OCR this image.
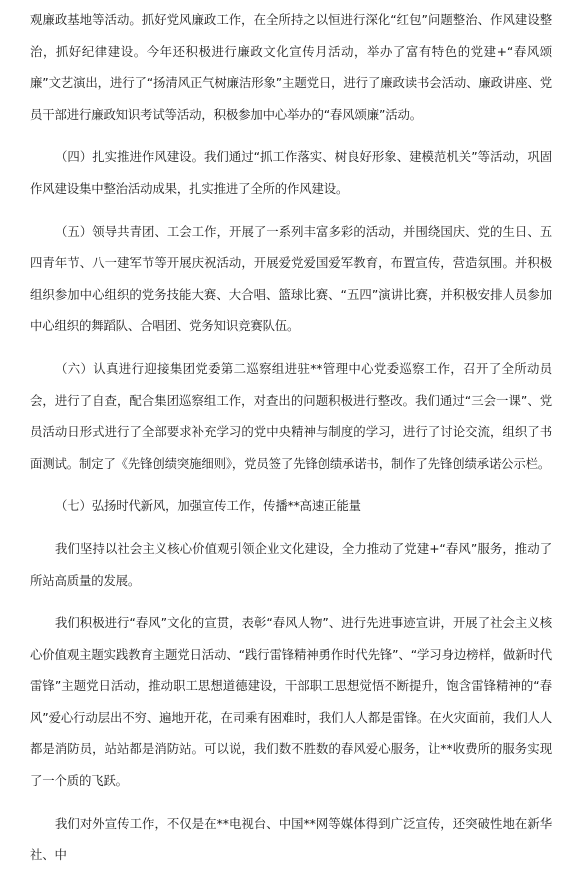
观廉政基地等活动。抓好党风廉政工作，在全所持之以恒进行深化“红包”问题整治、作风建设整治，抓好纪律建设。今年还积极进行廉政文化宣传月活动，举办了富有特色的党建+“春风颂廉”文艺演出，进行了“扬清风正气树廉洁形象”主题党日，进行了廉政读书会活动、廉政讲座、党员干部进行廉政知识考试等活动，积极参加中心举办的“春风颂廉”活动。

（四）扎实推进作风建设。我们通过“抓工作落实、树良好形象、建模范机关”等活动，巩固作风建设集中整治活动成果，扎实推进了全所的作风建设。

（五）领导共青团、工会工作，开展了一系列丰富多彩的活动，并围绕国庆、党的生日、五四青年节、八一建军节等开展庆祝活动，开展爱党爱国爱军教育，布置宣传，营造氛围。并积极组织参加中心组织的党务技能大赛、大合唱、篮球比赛、“五四”演讲比赛，并积极安排人员参加中心组织的舞蹈队、合唱团、党务知识竞赛队伍。

（六）认真进行迎接集团党委第二巡察组进驻**管理中心党委巡察工作，召开了全所动员会，进行了自查，配合集团巡察组工作，对查出的问题积极进行整改。我们通过“三会一课”、党员活动日形式进行了全部要求补充学习的党中央精神与制度的学习，进行了讨论交流，组织了书面测试。制定了《先锋创绩突施细则》，党员签了先锋创绩承诺书，制作了先锋创绩承诺公示栏。

（七）弘扬时代新风，加强宣传工作，传播**高速正能量

我们坚持以社会主义核心价值观引领企业文化建设，全力推动了党建+“春风”服务，推动了所站高质量的发展。

我们积极进行“春风”文化的宣贯，表彰“春风人物”、进行先进事迹宣讲，开展了社会主义核心价值观主题实践教育主题党日活动、“践行雷锋精神勇作时代先锋”、“学习身边榜样，做新时代雷锋”主题党日活动，推动职工思想道德建设，干部职工思想觉悟不断提升，饱含雷锋精神的“春风”爱心行动层出不穷、遍地开花，在司乘有困难时，我们人人都是雷锋。在火灾面前，我们人人都是消防员，站站都是消防站。可以说，我们数不胜数的春风爱心服务，让**收费所的服务实现了一个质的飞跃。

我们对外宣传工作，不仅是在**电视台、中国**网等媒体得到广泛宣传，还突破性地在新华社、中
